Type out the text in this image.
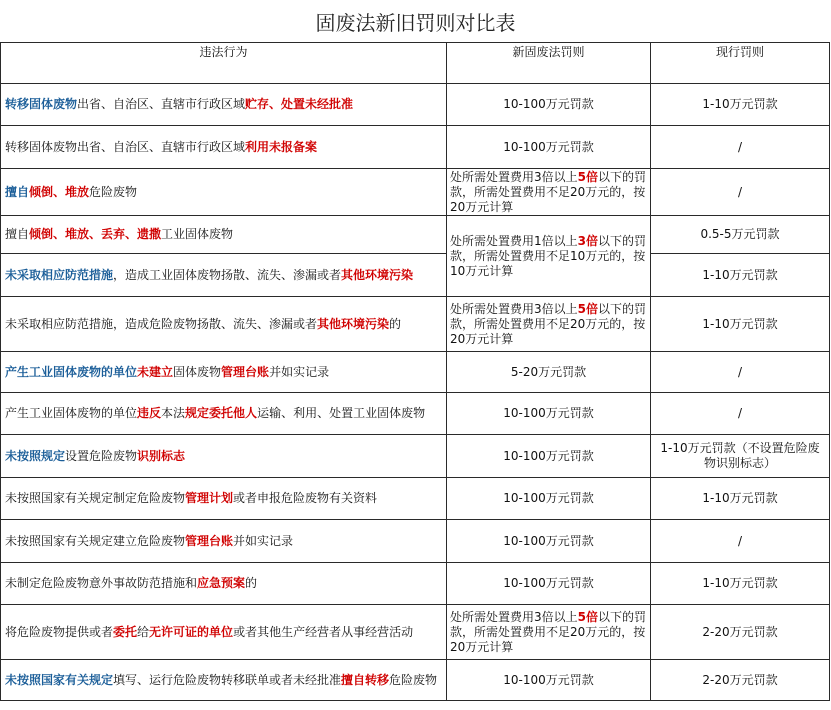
固废法新旧罚则对比表
违法行为	新固废法罚则	现行罚则
转移固体废物出省、自治区、直辖市行政区域贮存、处置未经批准	10-100万元罚款	1-10万元罚款
转移固体废物出省、自治区、直辖市行政区域利用未报备案	10-100万元罚款	/
擅自倾倒、堆放危险废物	处所需处置费用3倍以上5倍以下的罚款，所需处置费用不足20万元的，按20万元计算	/
擅自倾倒、堆放、丢弃、遗撒工业固体废物	处所需处置费用1倍以上3倍以下的罚款，所需处置费用不足10万元的，按10万元计算	0.5-5万元罚款
未采取相应防范措施，造成工业固体废物扬散、流失、渗漏或者其他环境污染		1-10万元罚款
未采取相应防范措施，造成危险废物扬散、流失、渗漏或者其他环境污染的	处所需处置费用3倍以上5倍以下的罚款，所需处置费用不足20万元的，按20万元计算	1-10万元罚款
产生工业固体废物的单位未建立固体废物管理台账并如实记录	5-20万元罚款	/
产生工业固体废物的单位违反本法规定委托他人运输、利用、处置工业固体废物	10-100万元罚款	/
未按照规定设置危险废物识别标志	10-100万元罚款	1-10万元罚款（不设置危险废物识别标志）
未按照国家有关规定制定危险废物管理计划或者申报危险废物有关资料	10-100万元罚款	1-10万元罚款
未按照国家有关规定建立危险废物管理台账并如实记录	10-100万元罚款	/
未制定危险废物意外事故防范措施和应急预案的	10-100万元罚款	1-10万元罚款
将危险废物提供或者委托给无许可证的单位或者其他生产经营者从事经营活动	处所需处置费用3倍以上5倍以下的罚款，所需处置费用不足20万元的，按20万元计算	2-20万元罚款
未按照国家有关规定填写、运行危险废物转移联单或者未经批准擅自转移危险废物	10-100万元罚款	2-20万元罚款
